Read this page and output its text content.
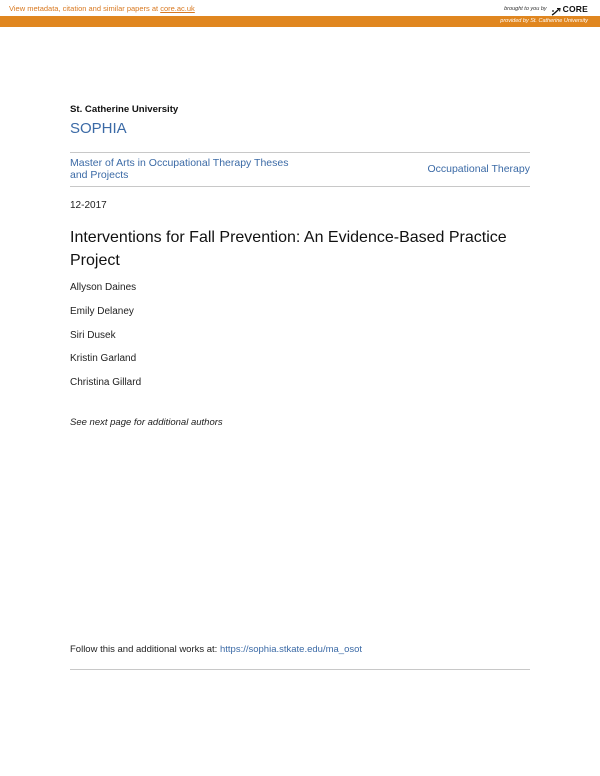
View metadata, citation and similar papers at core.ac.uk	brought to you by CORE
provided by St. Catherine University
St. Catherine University
SOPHIA
Master of Arts in Occupational Therapy Theses and Projects	Occupational Therapy
12-2017
Interventions for Fall Prevention: An Evidence-Based Practice Project
Allyson Daines
Emily Delaney
Siri Dusek
Kristin Garland
Christina Gillard
See next page for additional authors
Follow this and additional works at: https://sophia.stkate.edu/ma_osot
